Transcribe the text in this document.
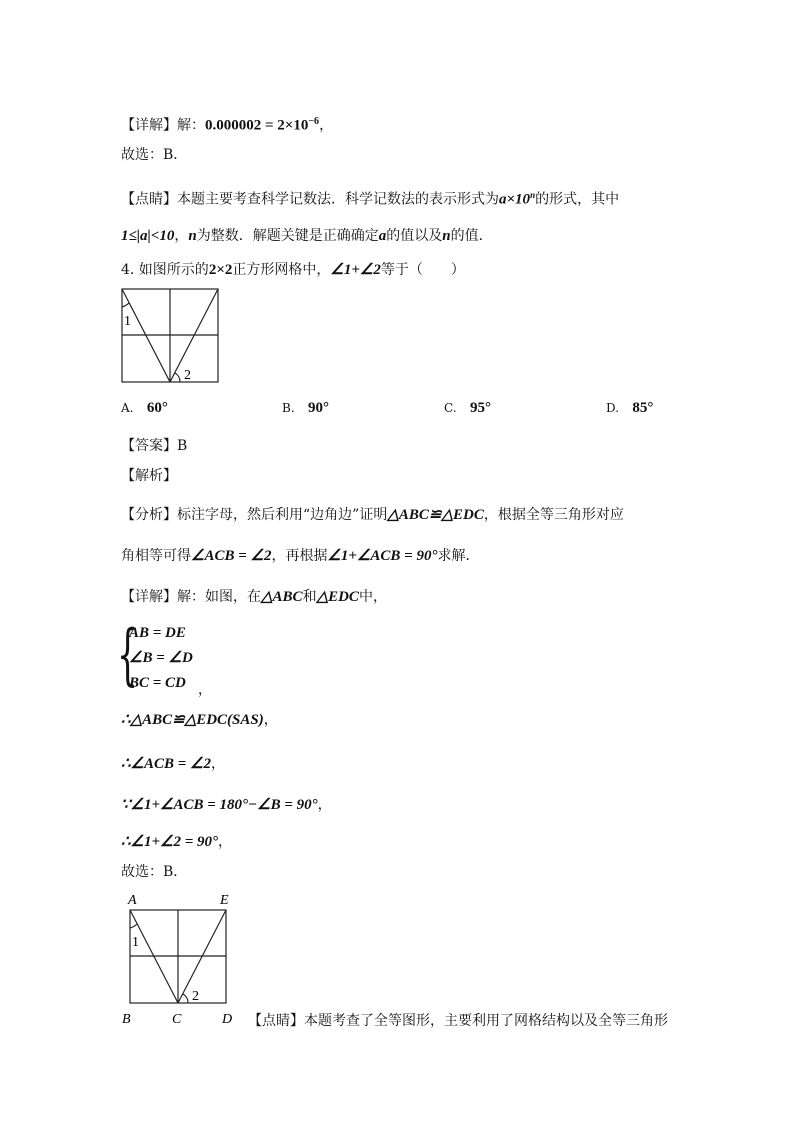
【详解】解：$0.000002 = 2\times 10^{-6}$，
故选：B．
【点睛】本题主要考查科学记数法．科学记数法的表示形式为$a\times 10^n$的形式，其中
1≤|a|<10，n为整数．解题关键是正确确定a的值以及n的值．
4. 如图所示的2×2正方形网格中，∠1+∠2等于（　　）
1
2
A. 60°	B. 90°	C. 95°	D. 85°
【答案】B
【解析】
【分析】标注字母，然后利用“边角边”证明△ABC≌△EDC，根据全等三角形对应
角相等可得∠ACB = ∠2，再根据∠1+∠ACB = 90°求解．
【详解】解：如图，在△ABC和△EDC中，
{
AB = DE
∠B = ∠D
BC = CD ，
∴△ABC≌△EDC(SAS)，
∴∠ACB = ∠2，
∵∠1+∠ACB = 180°−∠B = 90°，
∴∠1+∠2 = 90°，
故选：B．
A	E
1
2
B	C	D 【点睛】本题考查了全等图形，主要利用了网格结构以及全等三角形
